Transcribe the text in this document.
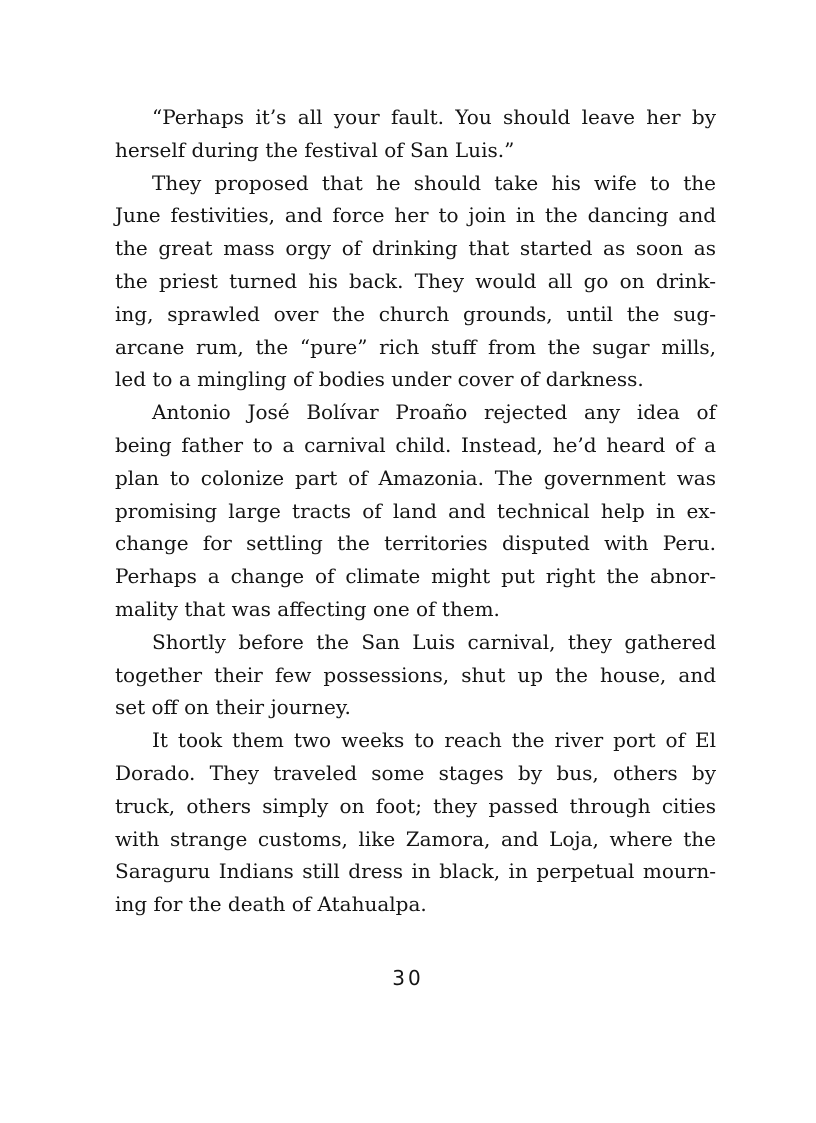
“Perhaps it’s all your fault. You should leave her by
herself during the festival of San Luis.”
They proposed that he should take his wife to the
June festivities, and force her to join in the dancing and
the great mass orgy of drinking that started as soon as
the priest turned his back. They would all go on drink-
ing, sprawled over the church grounds, until the sug-
arcane rum, the “pure” rich stuff from the sugar mills,
led to a mingling of bodies under cover of darkness.
Antonio José Bolívar Proaño rejected any idea of
being father to a carnival child. Instead, he’d heard of a
plan to colonize part of Amazonia. The government was
promising large tracts of land and technical help in ex-
change for settling the territories disputed with Peru.
Perhaps a change of climate might put right the abnor-
mality that was affecting one of them.
Shortly before the San Luis carnival, they gathered
together their few possessions, shut up the house, and
set off on their journey.
It took them two weeks to reach the river port of El
Dorado. They traveled some stages by bus, others by
truck, others simply on foot; they passed through cities
with strange customs, like Zamora, and Loja, where the
Saraguru Indians still dress in black, in perpetual mourn-
ing for the death of Atahualpa.
30
